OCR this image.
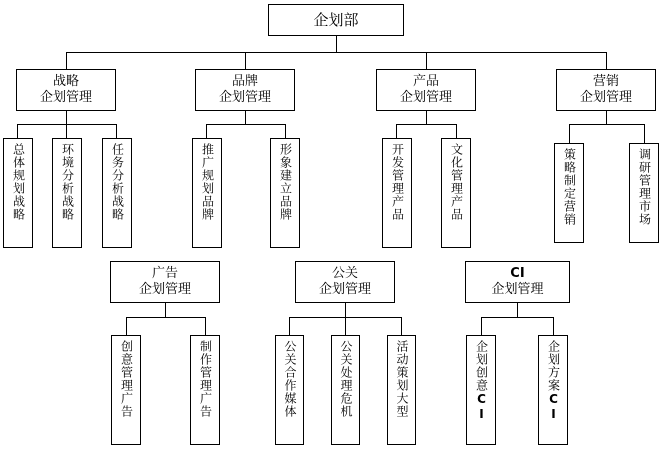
企划部
战略
企划管理
品牌
企划管理
产品
企划管理
营销
企划管理
战略
总体规划
战略
环境分析
战略
任务分析
品牌
推广规划
品牌
形象建立
产品
开发管理
产品
文化管理
营销
策略制定
市场
调研管理
广告
企划管理
公关
企划管理
CI
企划管理
广告
创意管理
广告
制作管理
媒体
公关合作
危机
公关处理
大型
活动策划
CI
企划创意
CI
企划方案
